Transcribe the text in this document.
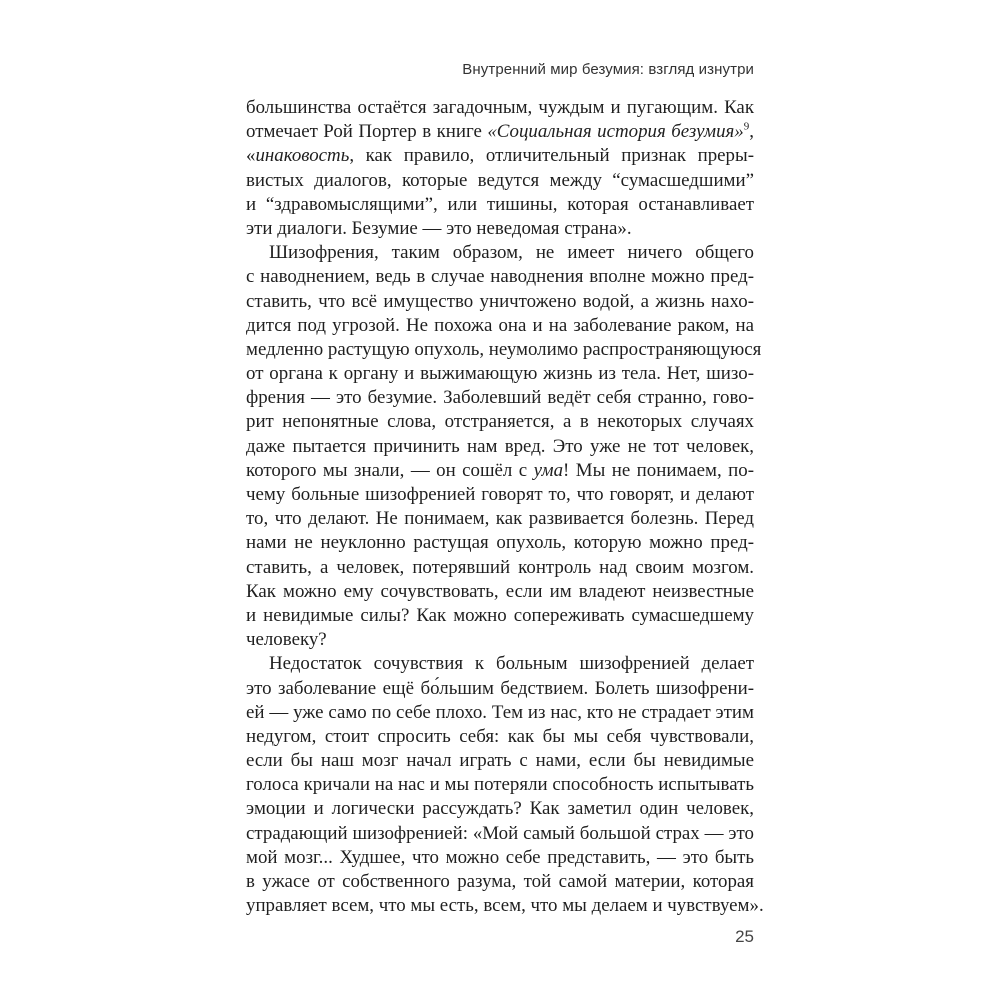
Внутренний мир безумия: взгляд изнутри
большинства остаётся загадочным, чуждым и пугающим. Как
отмечает Рой Портер в книге «Социальная история безумия»$^9$,
«инаковость, как правило, отличительный признак преры-
вистых диалогов, которые ведутся между “сумасшедшими”
и “здравомыслящими”, или тишины, которая останавливает
эти диалоги. Безумие — это неведомая страна».
Шизофрения, таким образом, не имеет ничего общего
с наводнением, ведь в случае наводнения вполне можно пред-
ставить, что всё имущество уничтожено водой, а жизнь нахо-
дится под угрозой. Не похожа она и на заболевание раком, на
медленно растущую опухоль, неумолимо распространяющуюся
от органа к органу и выжимающую жизнь из тела. Нет, шизо-
френия — это безумие. Заболевший ведёт себя странно, гово-
рит непонятные слова, отстраняется, а в некоторых случаях
даже пытается причинить нам вред. Это уже не тот человек,
которого мы знали, — он сошёл с ума! Мы не понимаем, по-
чему больные шизофренией говорят то, что говорят, и делают
то, что делают. Не понимаем, как развивается болезнь. Перед
нами не неуклонно растущая опухоль, которую можно пред-
ставить, а человек, потерявший контроль над своим мозгом.
Как можно ему сочувствовать, если им владеют неизвестные
и невидимые силы? Как можно сопереживать сумасшедшему
человеку?
Недостаток сочувствия к больным шизофренией делает
это заболевание ещё бо́льшим бедствием. Болеть шизофрени-
ей — уже само по себе плохо. Тем из нас, кто не страдает этим
недугом, стоит спросить себя: как бы мы себя чувствовали,
если бы наш мозг начал играть с нами, если бы невидимые
голоса кричали на нас и мы потеряли способность испытывать
эмоции и логически рассуждать? Как заметил один человек,
страдающий шизофренией: «Мой самый большой страх — это
мой мозг... Худшее, что можно себе представить, — это быть
в ужасе от собственного разума, той самой материи, которая
управляет всем, что мы есть, всем, что мы делаем и чувствуем».
25
